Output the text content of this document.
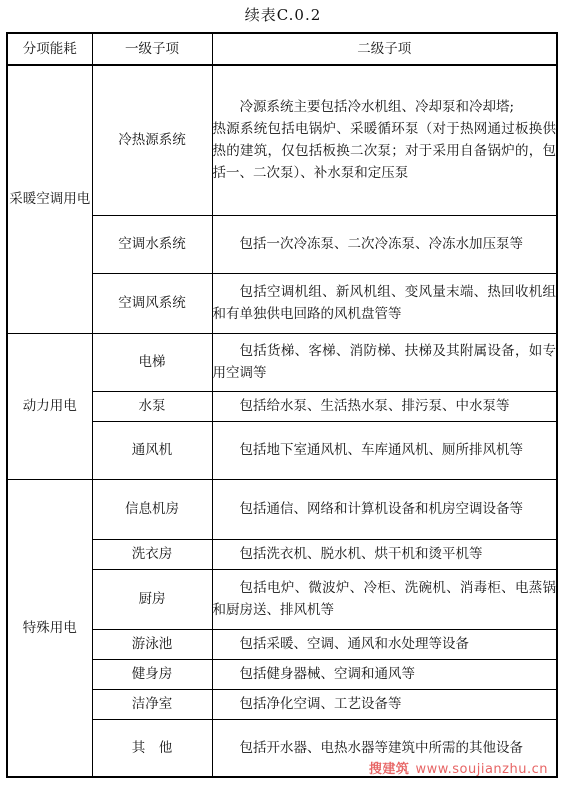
续表C.0.2
分项能耗	一级子项	二级子项
采暖空调用电	冷热源系统	冷源系统主要包括冷水机组、冷却泵和冷却塔;
热源系统包括电锅炉、采暖循环泵（对于热网通过板换供热的建筑，仅包括板换二次泵；对于采用自备锅炉的，包括一、二次泵）、补水泵和定压泵

	空调水系统	包括一次冷冻泵、二次冷冻泵、冷冻水加压泵等

	空调风系统	包括空调机组、新风机组、变风量末端、热回收机组和有单独供电回路的风机盘管等

动力用电	电梯	包括货梯、客梯、消防梯、扶梯及其附属设备，如专用空调等

	水泵	包括给水泵、生活热水泵、排污泵、中水泵等

	通风机	包括地下室通风机、车库通风机、厕所排风机等

特殊用电	信息机房	包括通信、网络和计算机设备和机房空调设备等

	洗衣房	包括洗衣机、脱水机、烘干机和烫平机等

	厨房	包括电炉、微波炉、冷柜、洗碗机、消毒柜、电蒸锅和厨房送、排风机等

	游泳池	包括采暖、空调、通风和水处理等设备

	健身房	包括健身器械、空调和通风等

	洁净室	包括净化空调、工艺设备等

	其　他	包括开水器、电热水器等建筑中所需的其他设备
搜建筑 www.soujianzhu.cn
